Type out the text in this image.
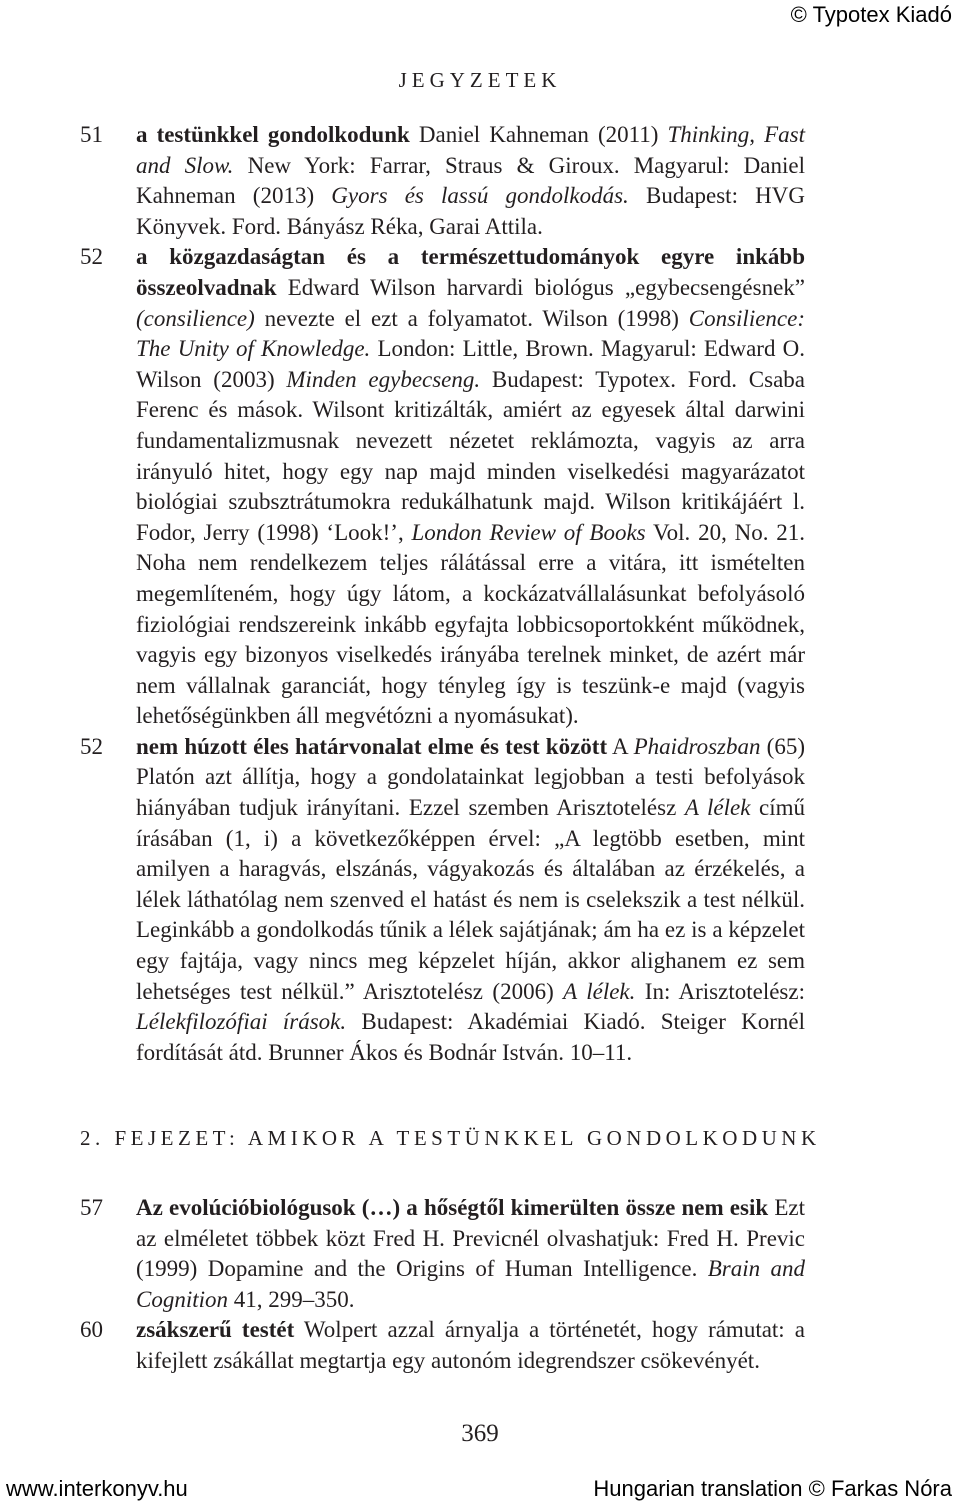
© Typotex Kiadó
JEGYZETEK
51	a testünkkel gondolkodunk Daniel Kahneman (2011) Thinking, Fast and Slow. New York: Farrar, Straus & Giroux. Magyarul: Daniel Kahneman (2013) Gyors és lassú gondolkodás. Budapest: HVG Könyvek. Ford. Bányász Réka, Garai Attila.
52	a közgazdaságtan és a természettudományok egyre inkább összeolvadnak Edward Wilson harvardi biológus „egybecsengésnek” (consilience) nevezte el ezt a folyamatot. Wilson (1998) Consilience: The Unity of Knowledge. London: Little, Brown. Magyarul: Edward O. Wilson (2003) Minden egybecseng. Budapest: Typotex. Ford. Csaba Ferenc és mások. Wilsont kritizálták, amiért az egyesek által darwini fundamentalizmusnak nevezett nézetet reklámozta, vagyis az arra irányuló hitet, hogy egy nap majd minden viselkedési magyarázatot biológiai szubsztrátumokra redukálhatunk majd. Wilson kritikájáért l. Fodor, Jerry (1998) ‘Look!’, London Review of Books Vol. 20, No. 21. Noha nem rendelkezem teljes rálátással erre a vitára, itt ismételten megemlíteném, hogy úgy látom, a kockázatvállalásunkat befolyásoló fiziológiai rendszereink inkább egyfajta lobbicsoportokként működnek, vagyis egy bizonyos viselkedés irányába terelnek minket, de azért már nem vállalnak garanciát, hogy tényleg így is teszünk-e majd (vagyis lehetőségünkben áll megvétózni a nyomásukat).
52	nem húzott éles határvonalat elme és test között A Phaidroszban (65) Platón azt állítja, hogy a gondolatainkat legjobban a testi befolyások hiányában tudjuk irányítani. Ezzel szemben Arisztotelész A lélek című írásában (1, i) a következőképpen érvel: „A legtöbb esetben, mint amilyen a haragvás, elszánás, vágyakozás és általában az érzékelés, a lélek láthatólag nem szenved el hatást és nem is cselekszik a test nélkül. Leginkább a gondolkodás tűnik a lélek sajátjának; ám ha ez is a képzelet egy fajtája, vagy nincs meg képzelet híján, akkor alighanem ez sem lehetséges test nélkül.” Arisztotelész (2006) A lélek. In: Arisztotelész: Lélekfilozófiai írások. Budapest: Akadémiai Kiadó. Steiger Kornél fordítását átd. Brunner Ákos és Bodnár István. 10–11.
2. FEJEZET: AMIKOR A TESTÜNKKEL GONDOLKODUNK
57	Az evolúcióbiológusok (…) a hőségtől kimerülten össze nem esik Ezt az elméletet többek közt Fred H. Previcnél olvashatjuk: Fred H. Previc (1999) Dopamine and the Origins of Human Intelligence. Brain and Cognition 41, 299–350.
60	zsákszerű testét Wolpert azzal árnyalja a történetét, hogy rámutat: a kifejlett zsákállat megtartja egy autonóm idegrendszer csökevényét.
369
www.interkonyv.hu	Hungarian translation © Farkas Nóra
